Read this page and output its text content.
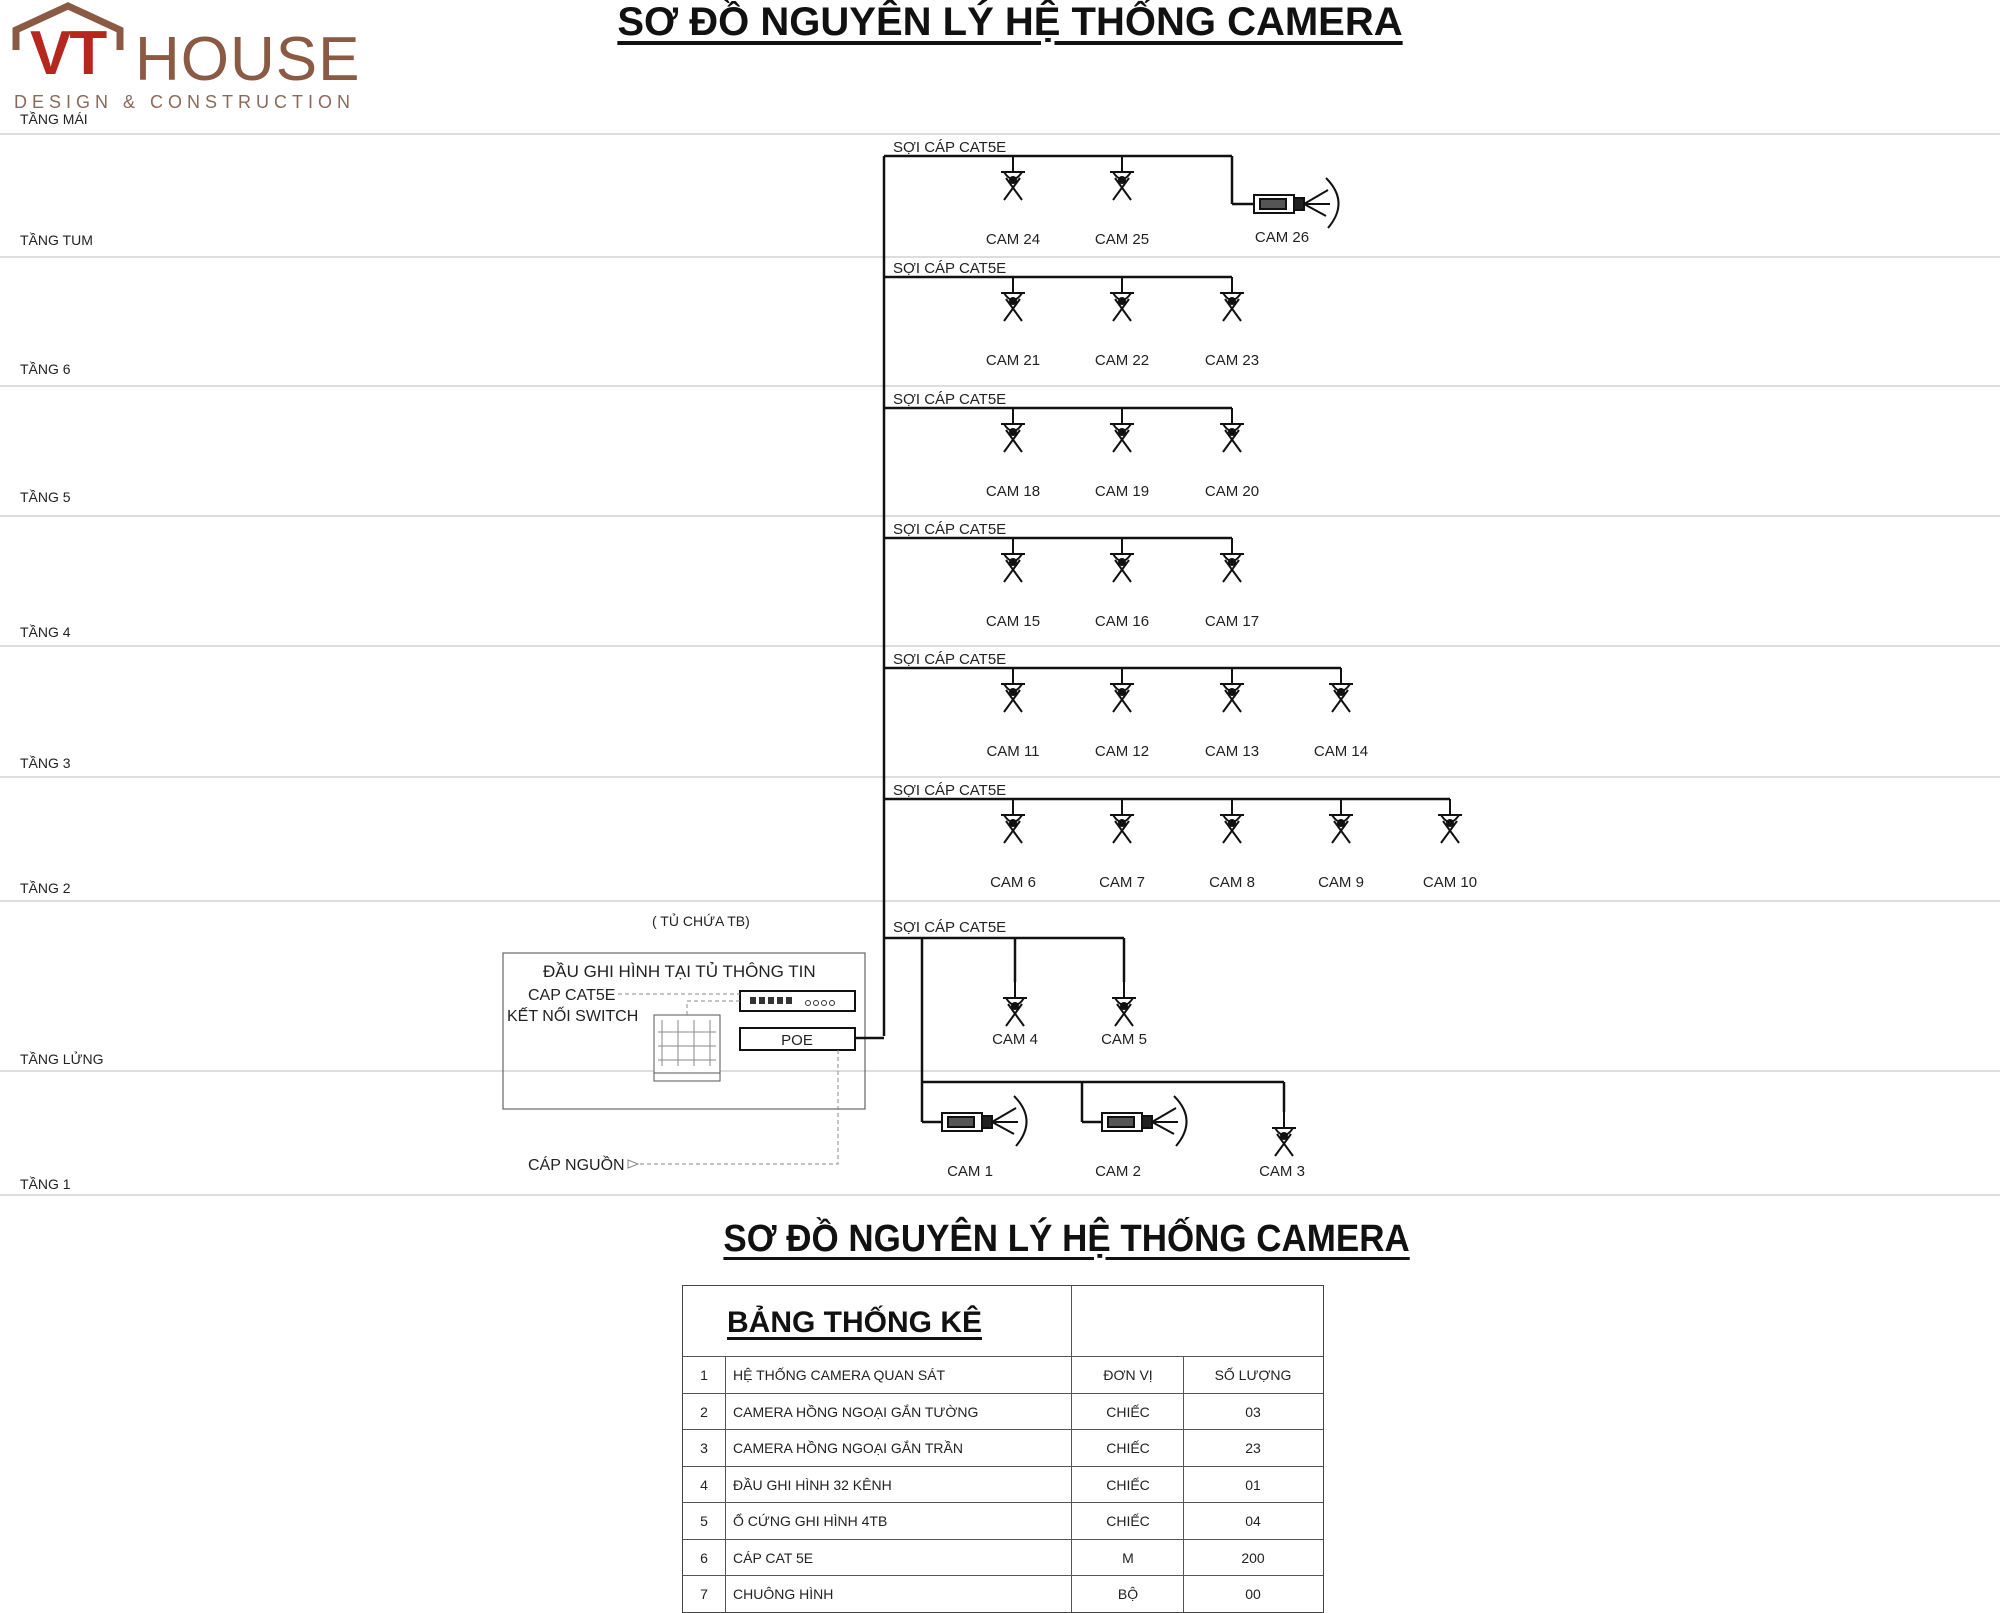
VT HOUSE
DESIGN & CONSTRUCTION
SƠ ĐỒ NGUYÊN LÝ HỆ THỐNG CAMERA
TẦNG MÁI
TẦNG TUM
TẦNG 6
TẦNG 5
TẦNG 4
TẦNG 3
TẦNG 2
TẦNG LỬNG
TẦNG 1
SỢI CÁP CAT5E
CAM 24	CAM 25	CAM 26
SỢI CÁP CAT5E
CAM 21	CAM 22	CAM 23
SỢI CÁP CAT5E
CAM 18	CAM 19	CAM 20
SỢI CÁP CAT5E
CAM 15	CAM 16	CAM 17
SỢI CÁP CAT5E
CAM 11	CAM 12	CAM 13	CAM 14
SỢI CÁP CAT5E
CAM 6	CAM 7	CAM 8	CAM 9	CAM 10
SỢI CÁP CAT5E
CAM 4	CAM 5
CAM 1	CAM 2	CAM 3
( TỦ CHỨA TB)
ĐẦU GHI HÌNH TẠI TỦ THÔNG TIN
CAP CAT5E
KẾT NỐI SWITCH
POE
CÁP NGUỒN
SƠ ĐỒ NGUYÊN LÝ HỆ THỐNG CAMERA
BẢNG THỐNG KÊ
1	HỆ THỐNG CAMERA QUAN SÁT	ĐƠN VỊ	SỐ LƯỢNG
2	CAMERA HỒNG NGOẠI GẮN TƯỜNG	CHIẾC	03
3	CAMERA HỒNG NGOẠI GẮN TRẦN	CHIẾC	23
4	ĐẦU GHI HÌNH 32 KÊNH	CHIẾC	01
5	Ổ CỨNG GHI HÌNH 4TB	CHIẾC	04
6	CÁP CAT 5E	M	200
7	CHUÔNG HÌNH	BỘ	00
